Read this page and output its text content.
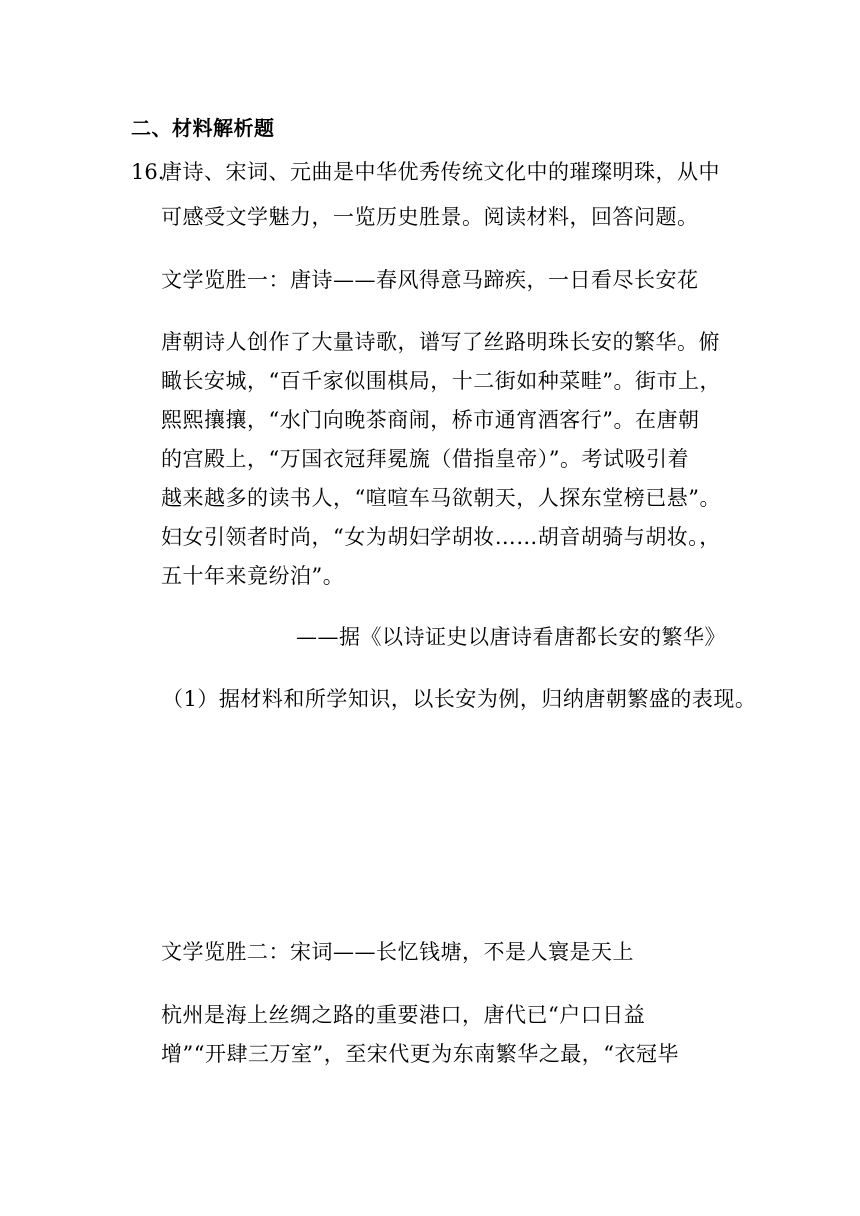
二、材料解析题
16.
唐诗、宋词、元曲是中华优秀传统文化中的璀璨明珠，从中
可感受文学魅力，一览历史胜景。阅读材料，回答问题。
文学览胜一：唐诗——春风得意马蹄疾，一日看尽长安花
唐朝诗人创作了大量诗歌，谱写了丝路明珠长安的繁华。俯
瞰长安城，“百千家似围棋局，十二街如种菜畦”。街市上，
熙熙攘攘，“水门向晚茶商闹，桥市通宵酒客行”。在唐朝
的宫殿上，“万国衣冠拜冕旒（借指皇帝）”。考试吸引着
越来越多的读书人，“喧喧车马欲朝天，人探东堂榜已悬”。
妇女引领者时尚，“女为胡妇学胡妆……胡音胡骑与胡妆。，
五十年来竟纷泊”。
——据《以诗证史以唐诗看唐都长安的繁华》
（1）据材料和所学知识，以长安为例，归纳唐朝繁盛的表现。
文学览胜二：宋词——长忆钱塘，不是人寰是天上
杭州是海上丝绸之路的重要港口，唐代已“户口日益
增”“开肆三万室”，至宋代更为东南繁华之最，“衣冠毕
